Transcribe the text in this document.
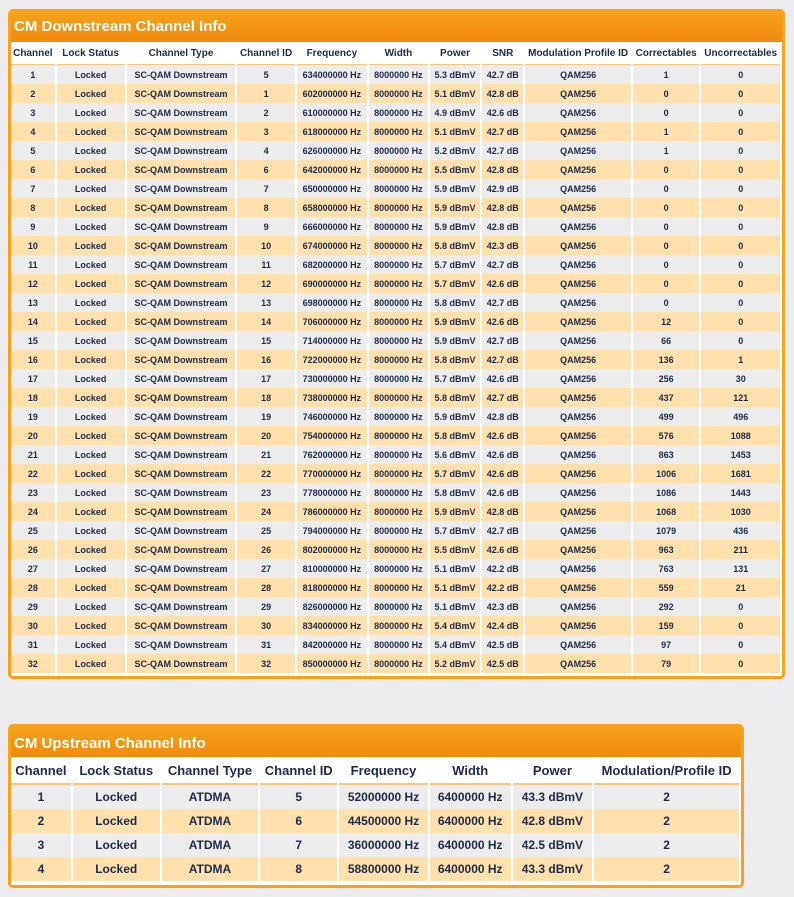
CM Downstream Channel Info
Channel	Lock Status	Channel Type	Channel ID	Frequency	Width	Power	SNR	Modulation Profile ID	Correctables	Uncorrectables
1	Locked	SC-QAM Downstream	5	634000000 Hz	8000000 Hz	5.3 dBmV	42.7 dB	QAM256	1	0
2	Locked	SC-QAM Downstream	1	602000000 Hz	8000000 Hz	5.1 dBmV	42.8 dB	QAM256	0	0
3	Locked	SC-QAM Downstream	2	610000000 Hz	8000000 Hz	4.9 dBmV	42.6 dB	QAM256	0	0
4	Locked	SC-QAM Downstream	3	618000000 Hz	8000000 Hz	5.1 dBmV	42.7 dB	QAM256	1	0
5	Locked	SC-QAM Downstream	4	626000000 Hz	8000000 Hz	5.2 dBmV	42.7 dB	QAM256	1	0
6	Locked	SC-QAM Downstream	6	642000000 Hz	8000000 Hz	5.5 dBmV	42.8 dB	QAM256	0	0
7	Locked	SC-QAM Downstream	7	650000000 Hz	8000000 Hz	5.9 dBmV	42.9 dB	QAM256	0	0
8	Locked	SC-QAM Downstream	8	658000000 Hz	8000000 Hz	5.9 dBmV	42.8 dB	QAM256	0	0
9	Locked	SC-QAM Downstream	9	666000000 Hz	8000000 Hz	5.9 dBmV	42.8 dB	QAM256	0	0
10	Locked	SC-QAM Downstream	10	674000000 Hz	8000000 Hz	5.8 dBmV	42.3 dB	QAM256	0	0
11	Locked	SC-QAM Downstream	11	682000000 Hz	8000000 Hz	5.7 dBmV	42.7 dB	QAM256	0	0
12	Locked	SC-QAM Downstream	12	690000000 Hz	8000000 Hz	5.7 dBmV	42.6 dB	QAM256	0	0
13	Locked	SC-QAM Downstream	13	698000000 Hz	8000000 Hz	5.8 dBmV	42.7 dB	QAM256	0	0
14	Locked	SC-QAM Downstream	14	706000000 Hz	8000000 Hz	5.9 dBmV	42.6 dB	QAM256	12	0
15	Locked	SC-QAM Downstream	15	714000000 Hz	8000000 Hz	5.9 dBmV	42.7 dB	QAM256	66	0
16	Locked	SC-QAM Downstream	16	722000000 Hz	8000000 Hz	5.8 dBmV	42.7 dB	QAM256	136	1
17	Locked	SC-QAM Downstream	17	730000000 Hz	8000000 Hz	5.7 dBmV	42.6 dB	QAM256	256	30
18	Locked	SC-QAM Downstream	18	738000000 Hz	8000000 Hz	5.8 dBmV	42.7 dB	QAM256	437	121
19	Locked	SC-QAM Downstream	19	746000000 Hz	8000000 Hz	5.9 dBmV	42.8 dB	QAM256	499	496
20	Locked	SC-QAM Downstream	20	754000000 Hz	8000000 Hz	5.8 dBmV	42.6 dB	QAM256	576	1088
21	Locked	SC-QAM Downstream	21	762000000 Hz	8000000 Hz	5.6 dBmV	42.6 dB	QAM256	863	1453
22	Locked	SC-QAM Downstream	22	770000000 Hz	8000000 Hz	5.7 dBmV	42.6 dB	QAM256	1006	1681
23	Locked	SC-QAM Downstream	23	778000000 Hz	8000000 Hz	5.8 dBmV	42.6 dB	QAM256	1086	1443
24	Locked	SC-QAM Downstream	24	786000000 Hz	8000000 Hz	5.9 dBmV	42.8 dB	QAM256	1068	1030
25	Locked	SC-QAM Downstream	25	794000000 Hz	8000000 Hz	5.7 dBmV	42.7 dB	QAM256	1079	436
26	Locked	SC-QAM Downstream	26	802000000 Hz	8000000 Hz	5.5 dBmV	42.6 dB	QAM256	963	211
27	Locked	SC-QAM Downstream	27	810000000 Hz	8000000 Hz	5.1 dBmV	42.2 dB	QAM256	763	131
28	Locked	SC-QAM Downstream	28	818000000 Hz	8000000 Hz	5.1 dBmV	42.2 dB	QAM256	559	21
29	Locked	SC-QAM Downstream	29	826000000 Hz	8000000 Hz	5.1 dBmV	42.3 dB	QAM256	292	0
30	Locked	SC-QAM Downstream	30	834000000 Hz	8000000 Hz	5.4 dBmV	42.4 dB	QAM256	159	0
31	Locked	SC-QAM Downstream	31	842000000 Hz	8000000 Hz	5.4 dBmV	42.5 dB	QAM256	97	0
32	Locked	SC-QAM Downstream	32	850000000 Hz	8000000 Hz	5.2 dBmV	42.5 dB	QAM256	79	0
CM Upstream Channel Info
Channel	Lock Status	Channel Type	Channel ID	Frequency	Width	Power	Modulation/Profile ID
1	Locked	ATDMA	5	52000000 Hz	6400000 Hz	43.3 dBmV	2
2	Locked	ATDMA	6	44500000 Hz	6400000 Hz	42.8 dBmV	2
3	Locked	ATDMA	7	36000000 Hz	6400000 Hz	42.5 dBmV	2
4	Locked	ATDMA	8	58800000 Hz	6400000 Hz	43.3 dBmV	2
